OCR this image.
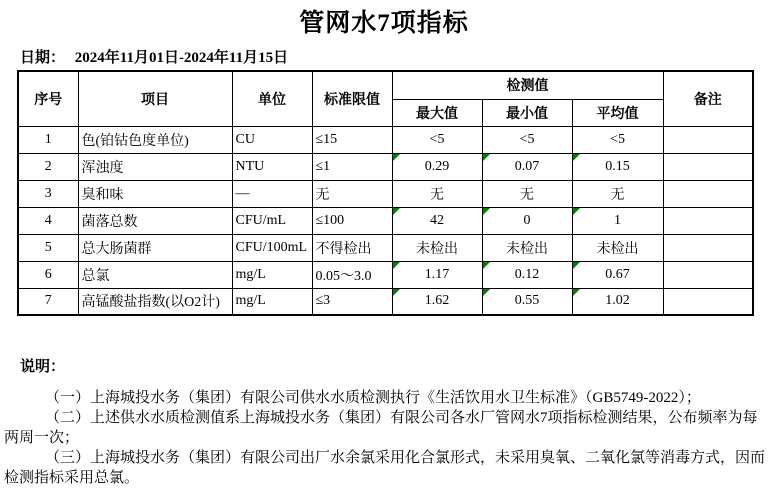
管网水7项指标
日期： 2024年11月01日-2024年11月15日
序号	项目	单位	标准限值	检测值			备注
				最大值	最小值	平均值	
1	色(铂钴色度单位)	CU	≤15	<5	<5	<5	
2	浑浊度	NTU	≤1	0.29	0.07	0.15	
3	臭和味	—	无	无	无	无	
4	菌落总数	CFU/mL	≤100	42	0	1	
5	总大肠菌群	CFU/100mL	不得检出	未检出	未检出	未检出	
6	总氯	mg/L	0.05～3.0	1.17	0.12	0.67	
7	高锰酸盐指数(以O2计)	mg/L	≤3	1.62	0.55	1.02	
说明：

（一）上海城投水务（集团）有限公司供水水质检测执行《生活饮用水卫生标准》（GB5749-2022）；

（二）上述供水水质检测值系上海城投水务（集团）有限公司各水厂管网水7项指标检测结果，公布频率为每两周一次；

（三）上海城投水务（集团）有限公司出厂水余氯采用化合氯形式，未采用臭氧、二氧化氯等消毒方式，因而检测指标采用总氯。
